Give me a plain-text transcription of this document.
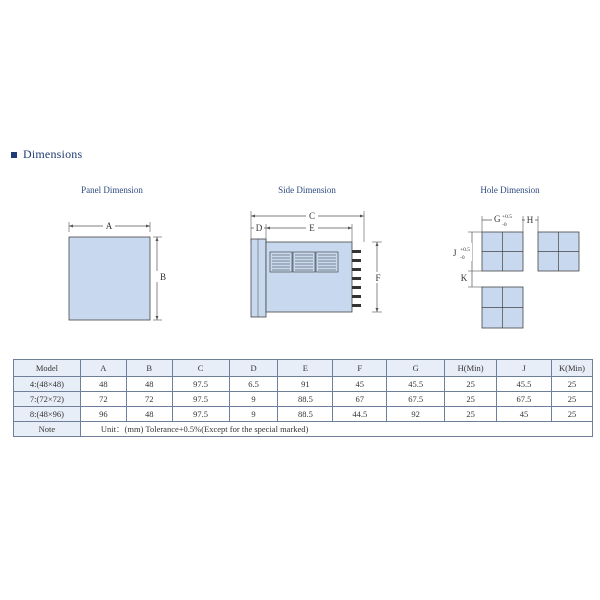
Dimensions
Panel Dimension	Side Dimension	Hole Dimension
A
B
C
D	E
F
G +0.5
-0 H
J +0.5
-0
K
Model	A	B	C	D	E	F	G	H(Min)	J	K(Min)
4:(48×48)	48	48	97.5	6.5	91	45	45.5	25	45.5	25
7:(72×72)	72	72	97.5	9	88.5	67	67.5	25	67.5	25
8:(48×96)	96	48	97.5	9	88.5	44.5	92	25	45	25
Note	Unit：(mm) Tolerance+0.5%(Except for the special marked)									
